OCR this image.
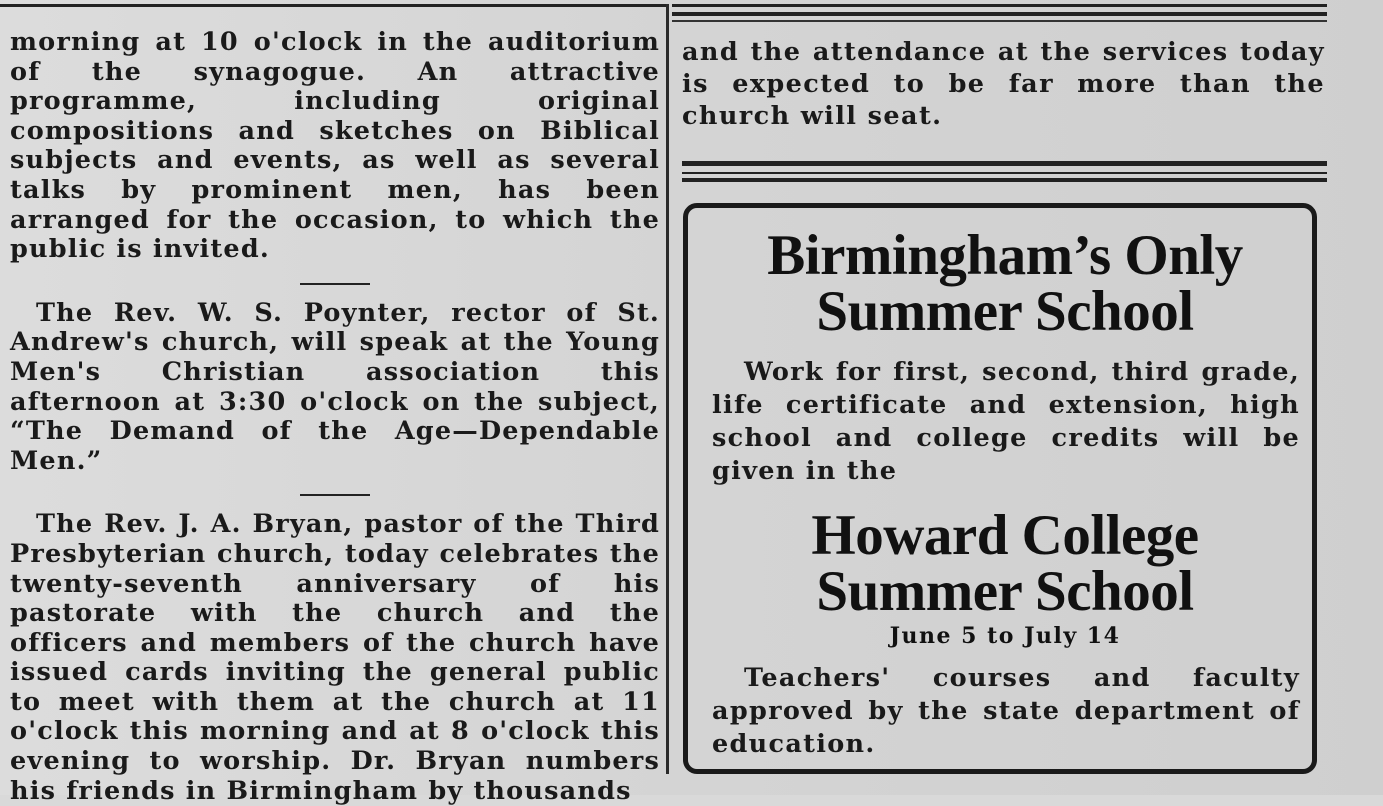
morning at 10 o'clock in the auditorium of the synagogue. An attractive programme, including original compositions and sketches on Biblical subjects and events, as well as several talks by prominent men, has been arranged for the occasion, to which the public is invited.

The Rev. W. S. Poynter, rector of St. Andrew's church, will speak at the Young Men's Christian association this afternoon at 3:30 o'clock on the subject, “The Demand of the Age—Dependable Men.”

The Rev. J. A. Bryan, pastor of the Third Presbyterian church, today celebrates the twenty-seventh anniversary of his pastorate with the church and the officers and members of the church have issued cards inviting the general public to meet with them at the church at 11 o'clock this morning and at 8 o'clock this evening to worship. Dr. Bryan numbers his friends in Birmingham by thousands

and the attendance at the services today is expected to be far more than the church will seat.

Birmingham’s Only
Summer School

Work for first, second, third grade, life certificate and extension, high school and college credits will be given in the

Howard College
Summer School
June 5 to July 14

Teachers' courses and faculty approved by the state department of education.
